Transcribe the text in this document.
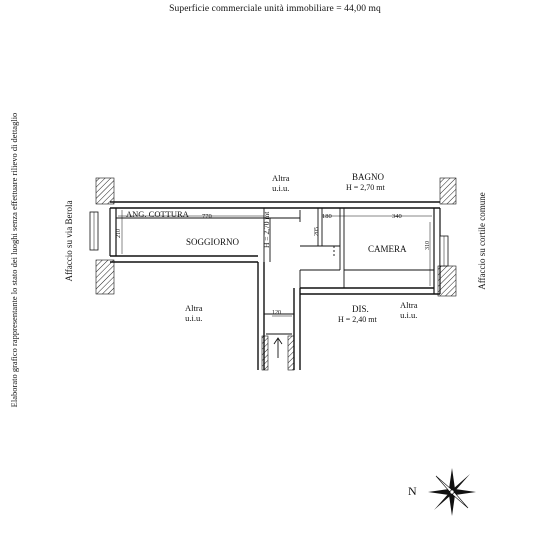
Superficie commerciale unità immobiliare = 44,00 mq
Elaborato grafico rappresentante lo stato dei luoghi senza effettuare rilievo di dettaglio	Affaccio su via Berola	Affaccio su cortile comune
ANG. COTTURA
SOGGIORNO	H = 2,70 mt
BAGNO
H = 2,70 mt
CAMERA
DIS.
H = 2,40 mt
Altra
u.i.u.
Altra
u.i.u.
Altra
u.i.u.
770	180	340
210	205
310
120
N
